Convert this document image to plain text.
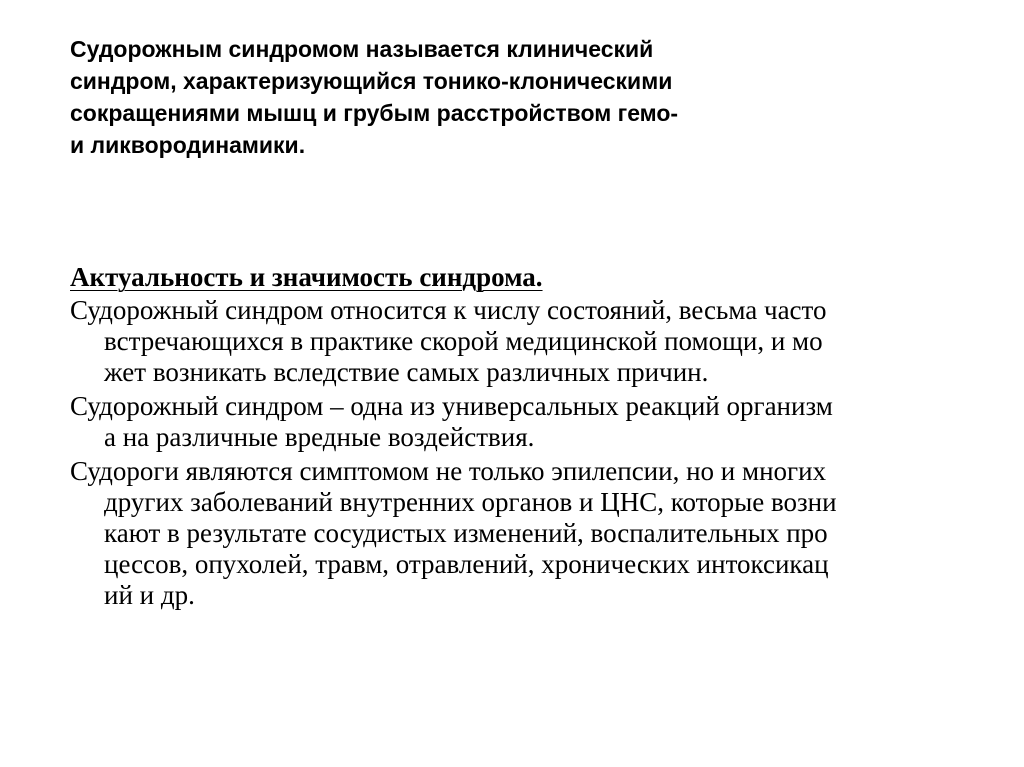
Судорожным синдромом называется клинический
синдром, характеризующийся тонико-клоническими
сокращениями мышц и грубым расстройством гемо-
и ликвородинамики.
Актуальность и значимость синдрома.
Судорожный синдром относится к числу состояний, весьма часто
встречающихся в практике скорой медицинской помощи, и мо
жет возникать вследствие самых различных причин.
Судорожный синдром – одна из универсальных реакций организм
а на различные вредные воздействия.
Судороги являются симптомом не только эпилепсии, но и многих
других заболеваний внутренних органов и ЦНС, которые возни
кают в результате сосудистых изменений, воспалительных про
цессов, опухолей, травм, отравлений, хронических интоксикац
ий и др.
